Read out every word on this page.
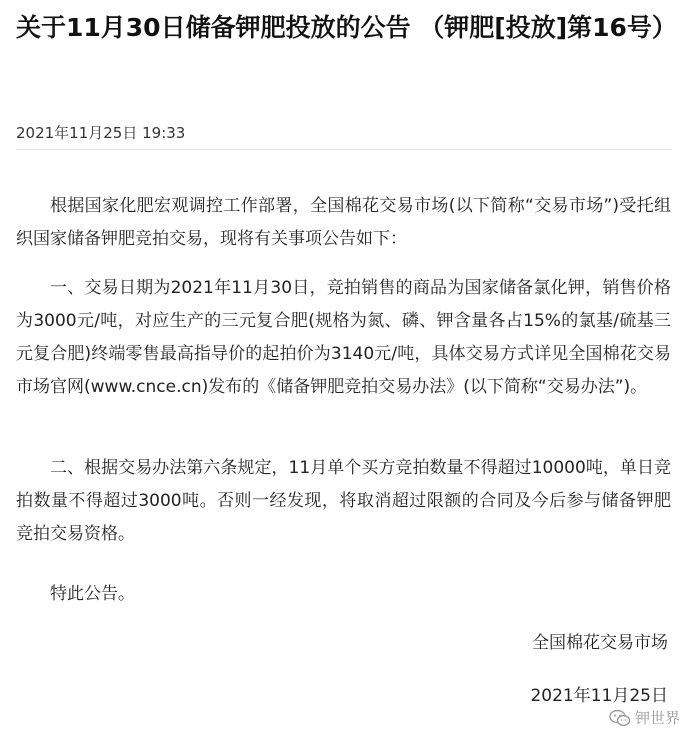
关于11月30日储备钾肥投放的公告 （钾肥[投放]第16号）
2021年11月25日 19:33

根据国家化肥宏观调控工作部署，全国棉花交易市场(以下简称“交易市场”)受托组织国家储备钾肥竞拍交易，现将有关事项公告如下：

一、交易日期为2021年11月30日，竞拍销售的商品为国家储备氯化钾，销售价格为3000元/吨，对应生产的三元复合肥(规格为氮、磷、钾含量各占15%的氯基/硫基三元复合肥)终端零售最高指导价的起拍价为3140元/吨，具体交易方式详见全国棉花交易市场官网(www.cnce.cn)发布的《储备钾肥竞拍交易办法》(以下简称“交易办法”)。

二、根据交易办法第六条规定，11月单个买方竞拍数量不得超过10000吨，单日竞拍数量不得超过3000吨。否则一经发现，将取消超过限额的合同及今后参与储备钾肥竞拍交易资格。

特此公告。

全国棉花交易市场
2021年11月25日
钾世界
